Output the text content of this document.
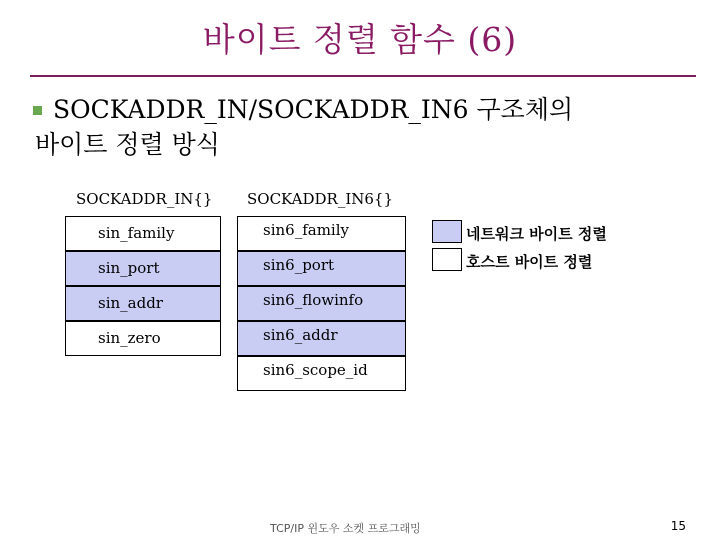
바이트 정렬 함수 (6)
SOCKADDR_IN/SOCKADDR_IN6 구조체의
바이트 정렬 방식
SOCKADDR_IN{} SOCKADDR_IN6{}
sin_family
sin_port
sin_addr
sin_zero
sin6_family
sin6_port
sin6_flowinfo
sin6_addr
sin6_scope_id
네트워크 바이트 정렬
호스트 바이트 정렬
TCP/IP 윈도우 소켓 프로그래밍	15
